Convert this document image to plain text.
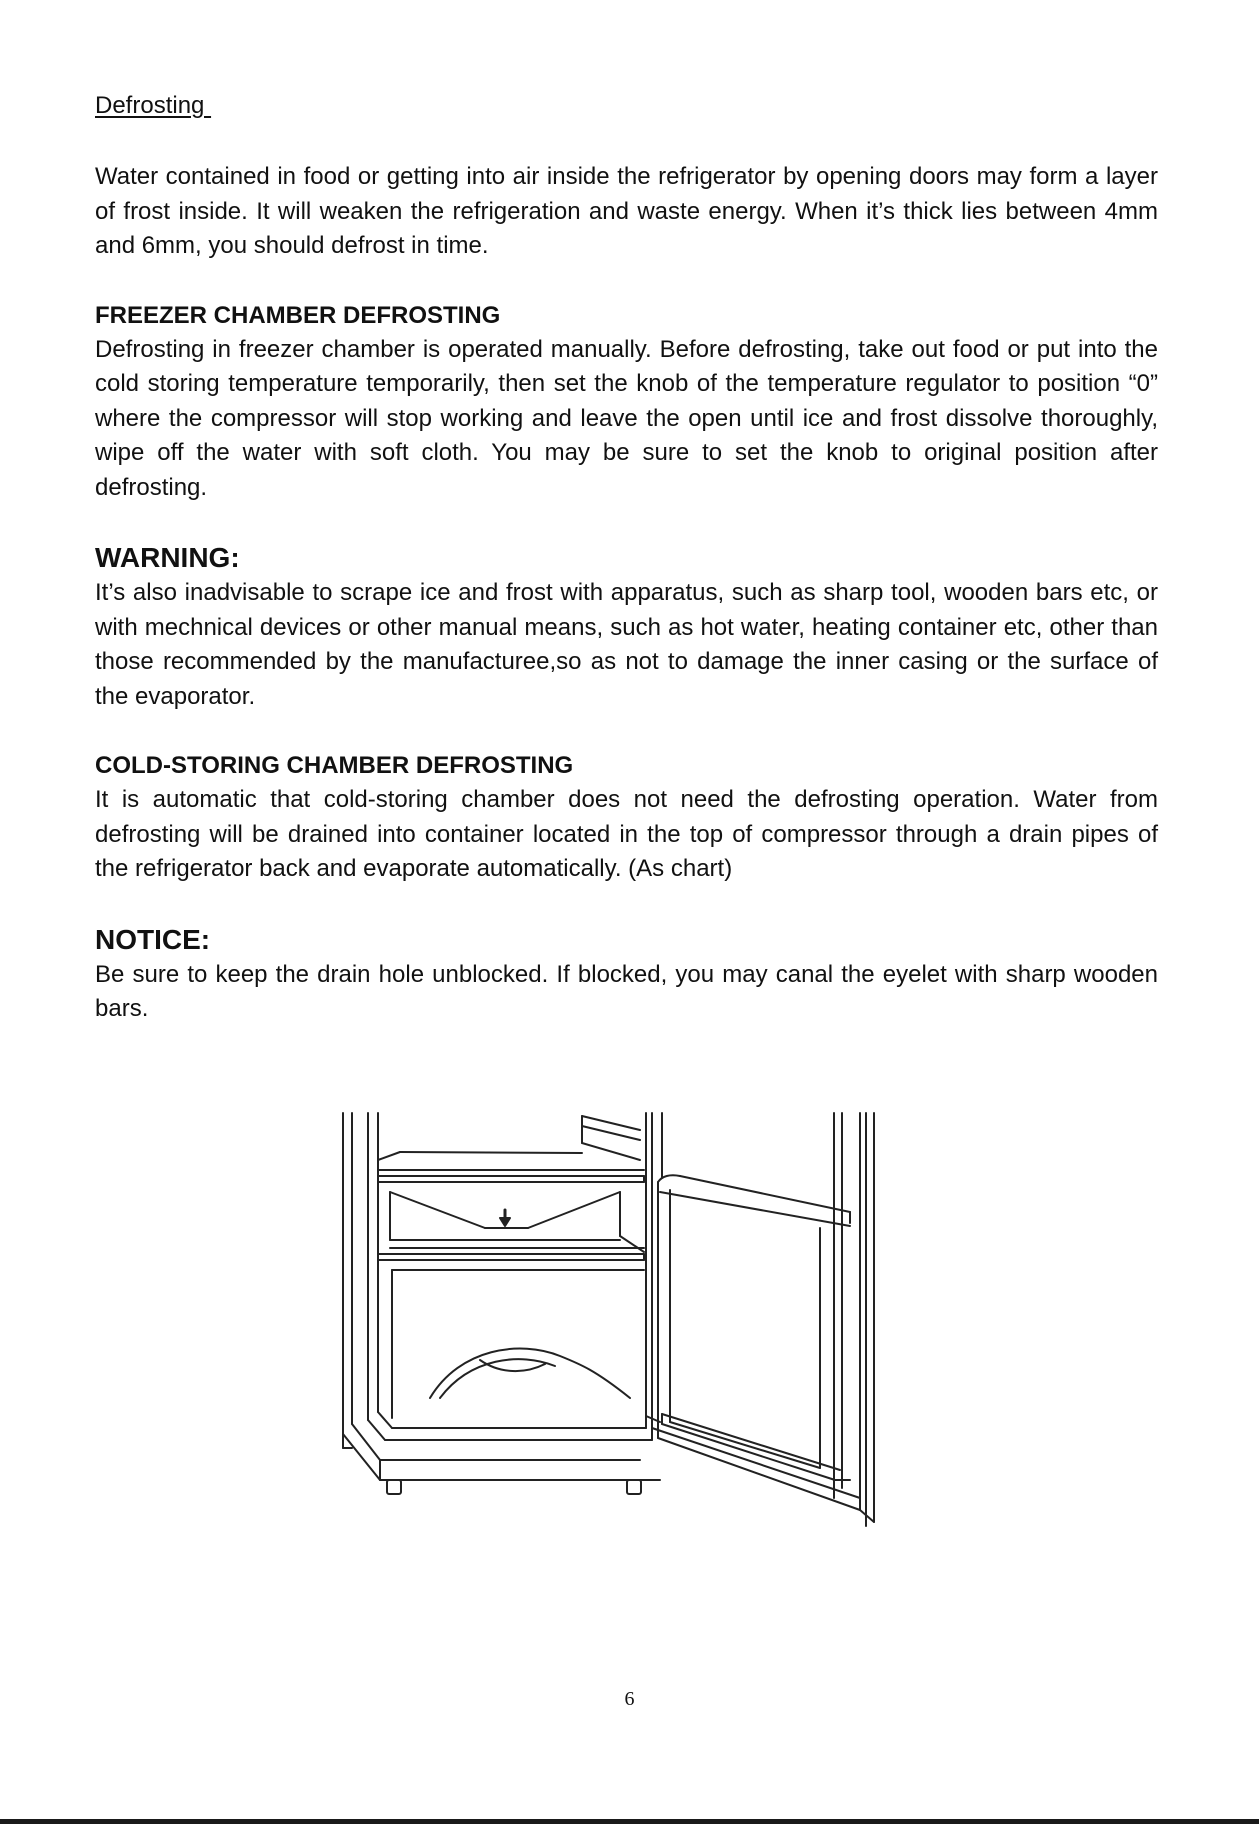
Defrosting

Water contained in food or getting into air inside the refrigerator by opening doors may form a layer of frost inside. It will weaken the refrigeration and waste energy. When it’s thick lies between 4mm and 6mm, you should defrost in time.

FREEZER CHAMBER DEFROSTING

Defrosting in freezer chamber is operated manually. Before defrosting, take out food or put into the cold storing temperature temporarily, then set the knob of the temperature regulator to position “0” where the compressor will stop working and leave the open until ice and frost dissolve thoroughly, wipe off the water with soft cloth. You may be sure to set the knob to original position after defrosting.

WARNING:

It’s also inadvisable to scrape ice and frost with apparatus, such as sharp tool, wooden bars etc, or with mechnical devices or other manual means, such as hot water, heating container etc, other than those recommended by the manufacturee,so as not to damage the inner casing or the surface of the evaporator.

COLD-STORING CHAMBER DEFROSTING

It is automatic that cold-storing chamber does not need the defrosting operation. Water from defrosting will be drained into container located in the top of compressor through a drain pipes of the refrigerator back and evaporate automatically. (As chart)

NOTICE:

Be sure to keep the drain hole unblocked. If blocked, you may canal the eyelet with sharp wooden bars.

6
